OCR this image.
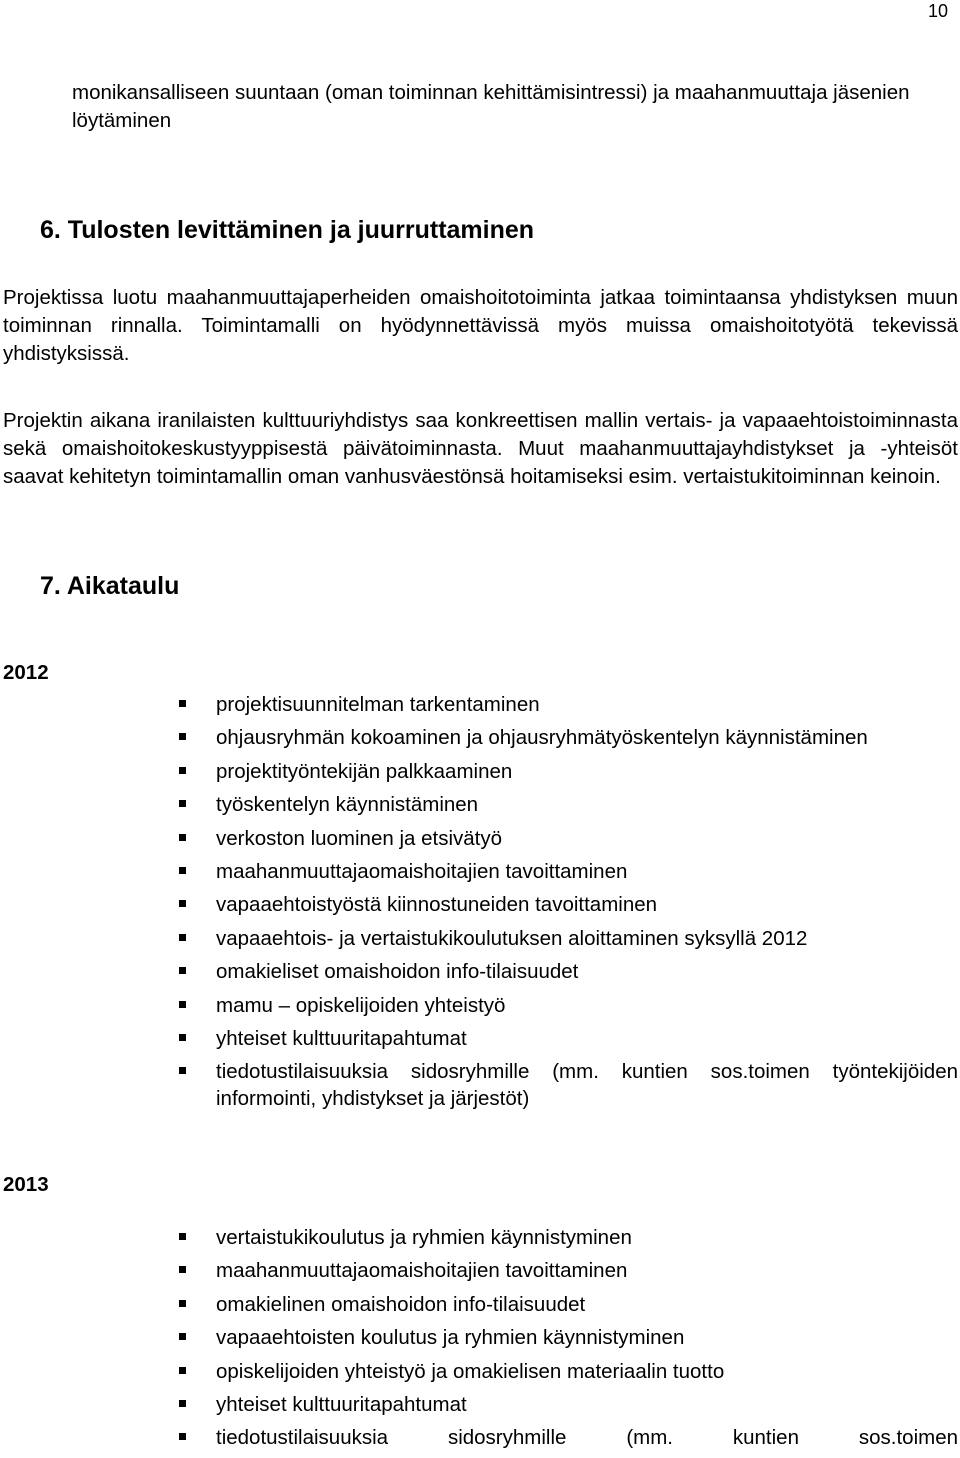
10
monikansalliseen suuntaan (oman toiminnan kehittämisintressi) ja maahanmuuttaja jäsenien löytäminen
6. Tulosten levittäminen ja juurruttaminen
Projektissa luotu maahanmuuttajaperheiden omaishoitotoiminta jatkaa toimintaansa yhdistyksen muun toiminnan rinnalla. Toimintamalli on hyödynnettävissä myös muissa omaishoitotyötä tekevissä yhdistyksissä.
Projektin aikana iranilaisten kulttuuriyhdistys saa konkreettisen mallin vertais- ja vapaaehtoistoiminnasta sekä omaishoitokeskustyyppisestä päivätoiminnasta. Muut maahanmuuttajayhdistykset ja -yhteisöt saavat kehitetyn toimintamallin oman vanhusväestönsä hoitamiseksi esim. vertaistukitoiminnan keinoin.
7. Aikataulu
2012
projektisuunnitelman tarkentaminen
ohjausryhmän kokoaminen ja ohjausryhmätyöskentelyn käynnistäminen
projektityöntekijän palkkaaminen
työskentelyn käynnistäminen
verkoston luominen ja etsivätyö
maahanmuuttajaomaishoitajien tavoittaminen
vapaaehtoistyöstä kiinnostuneiden tavoittaminen
vapaaehtois- ja vertaistukikoulutuksen aloittaminen syksyllä 2012
omakieliset omaishoidon info-tilaisuudet
mamu – opiskelijoiden yhteistyö
yhteiset kulttuuritapahtumat
tiedotustilaisuuksia sidosryhmille (mm. kuntien sos.toimen työntekijöiden informointi, yhdistykset ja järjestöt)
2013
vertaistukikoulutus ja ryhmien käynnistyminen
maahanmuuttajaomaishoitajien tavoittaminen
omakielinen omaishoidon info-tilaisuudet
vapaaehtoisten koulutus ja ryhmien käynnistyminen
opiskelijoiden yhteistyö ja omakielisen materiaalin tuotto
yhteiset kulttuuritapahtumat
tiedotustilaisuuksia sidosryhmille (mm. kuntien sos.toimen
